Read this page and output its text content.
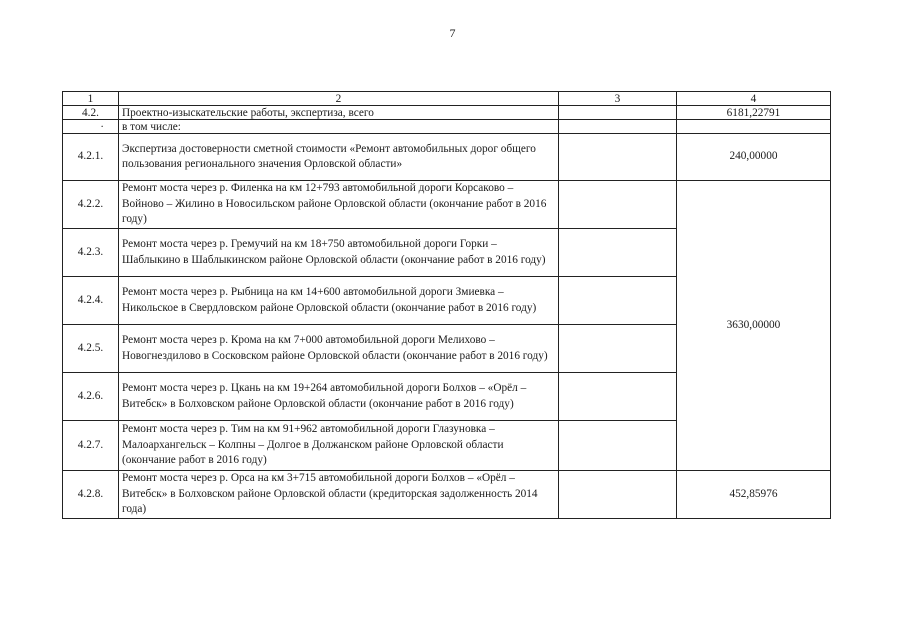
7
1	2	3	4
4.2.	Проектно-изыскательские работы, экспертиза, всего		6181,22791
·	в том числе:		
4.2.1.	Экспертиза достоверности сметной стоимости «Ремонт автомобильных дорог общего пользования регионального значения Орловской области»		240,00000
4.2.2.	Ремонт моста через р. Филенка на км 12+793 автомобильной дороги Корсаково – Войново – Жилино в Новосильском районе Орловской области (окончание работ в 2016 году)		3630,00000
4.2.3.	Ремонт моста через р. Гремучий на км 18+750 автомобильной дороги Горки – Шаблыкино в Шаблыкинском районе Орловской области (окончание работ в 2016 году)		
4.2.4.	Ремонт моста через р. Рыбница на км 14+600 автомобильной дороги Змиевка – Никольское в Свердловском районе Орловской области (окончание работ в 2016 году)		
4.2.5.	Ремонт моста через р. Крома на км 7+000 автомобильной дороги Мелихово – Новогнездилово в Сосковском районе Орловской области (окончание работ в 2016 году)		
4.2.6.	Ремонт моста через р. Цкань на км 19+264 автомобильной дороги Болхов – «Орёл – Витебск» в Болховском районе Орловской области (окончание работ в 2016 году)		
4.2.7.	Ремонт моста через р. Тим на км 91+962 автомобильной дороги Глазуновка – Малоархангельск – Колпны – Долгое в Должанском районе Орловской области (окончание работ в 2016 году)		
4.2.8.	Ремонт моста через р. Орса на км 3+715 автомобильной дороги Болхов – «Орёл – Витебск» в Болховском районе Орловской области (кредиторская задолженность 2014 года)		452,85976
